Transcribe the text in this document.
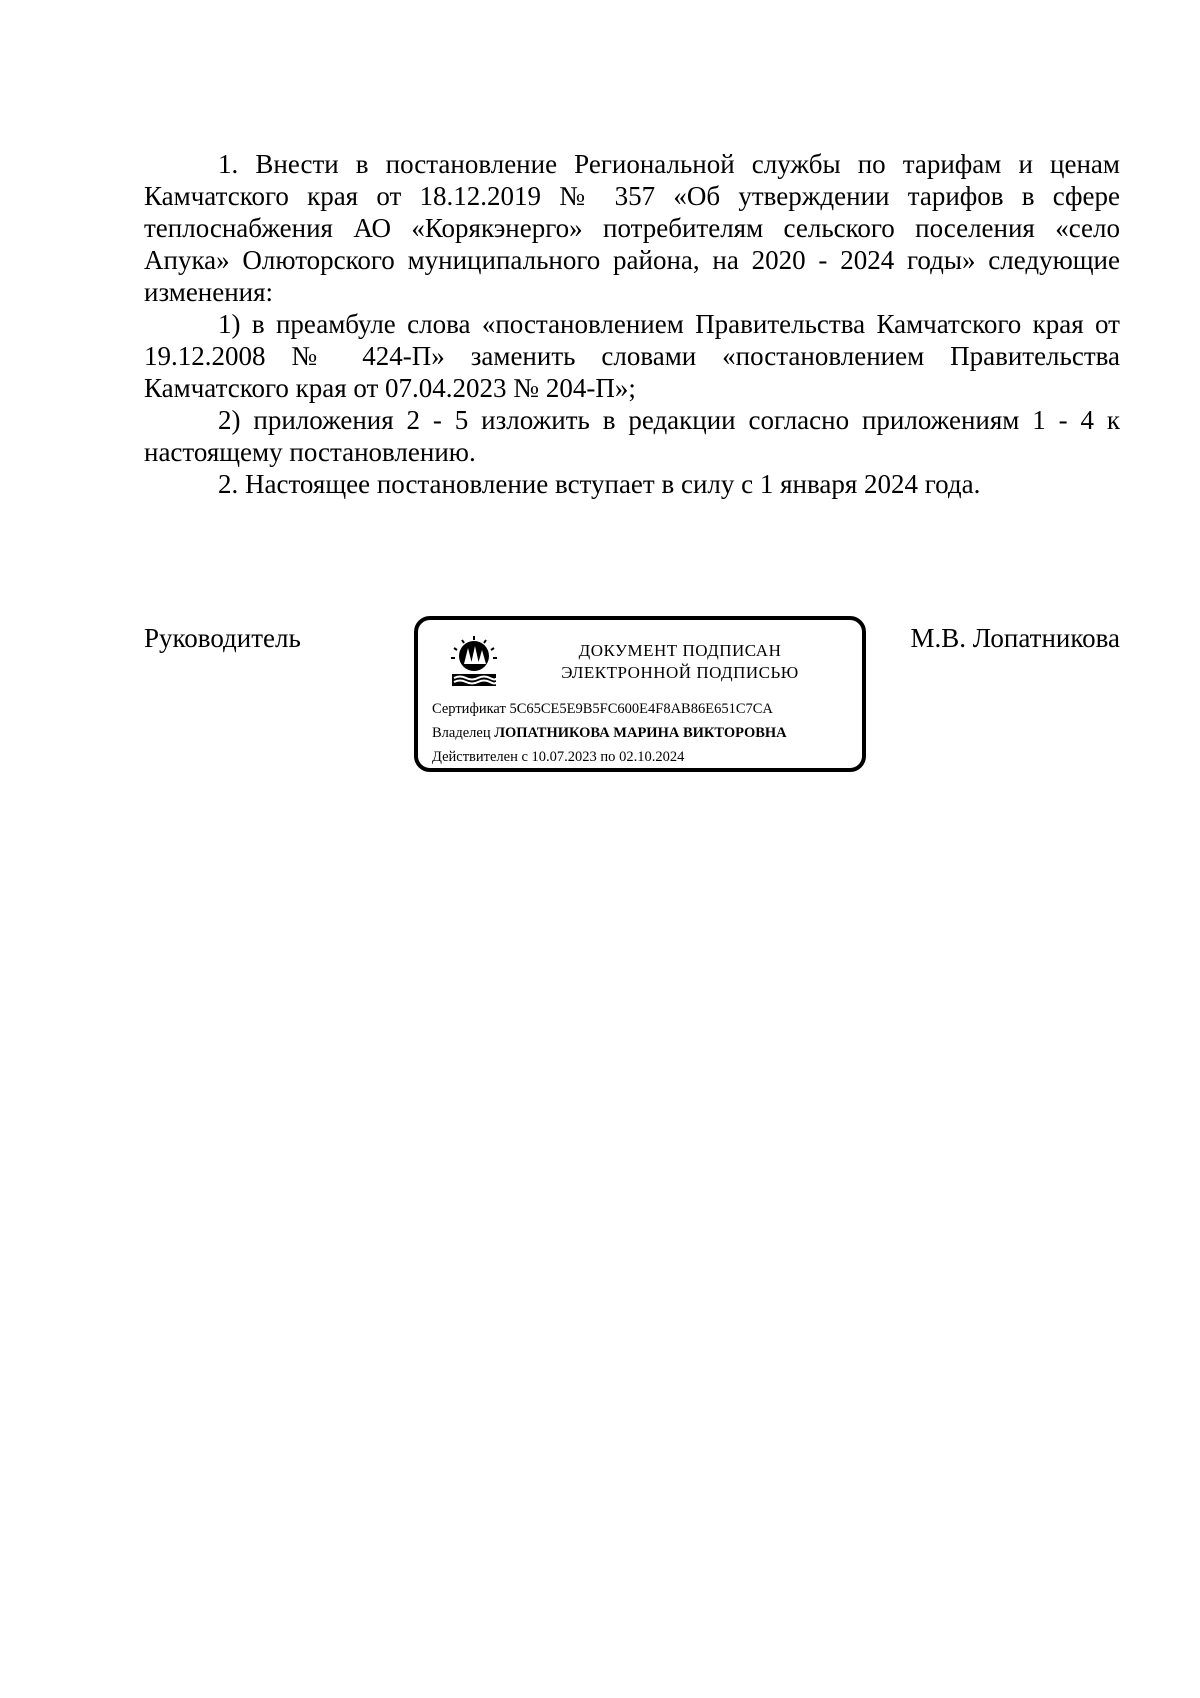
1. Внести в постановление Региональной службы по тарифам и ценам Камчатского края от 18.12.2019 № 357 «Об утверждении тарифов в сфере теплоснабжения АО «Корякэнерго» потребителям сельского поселения «село Апука» Олюторского муниципального района, на 2020 - 2024 годы» следующие изменения:

1) в преамбуле слова «постановлением Правительства Камчатского края от 19.12.2008 № 424-П» заменить словами «постановлением Правительства Камчатского края от 07.04.2023 № 204-П»;

2) приложения 2 - 5 изложить в редакции согласно приложениям 1 - 4 к настоящему постановлению.

2. Настоящее постановление вступает в силу с 1 января 2024 года.

Руководитель	ДОКУМЕНТ ПОДПИСАН
ЭЛЕКТРОННОЙ ПОДПИСЬЮ
Сертификат 5C65CE5E9B5FC600E4F8AB86E651C7CA
Владелец ЛОПАТНИКОВА МАРИНА ВИКТОРОВНА
Действителен с 10.07.2023 по 02.10.2024
М.В. Лопатникова
